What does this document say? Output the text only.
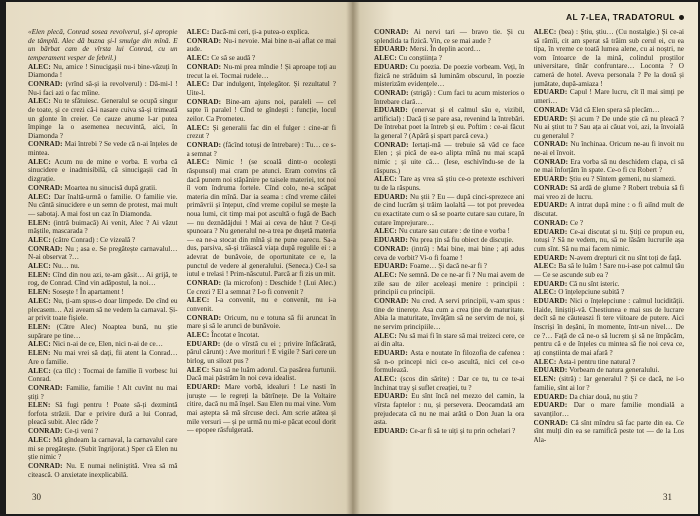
«Elen plecă, Conrad sosea revolverul, și-l apropie de tâmplă. Alec dă buzna și-l smulge din mînă. E un bărbat cam de vîrsta lui Conrad, cu un temperament vesper de febril.)

ALEC: Nu, amice ! Sinucigașii nu-i bine-văzuți în Diamonda !

CONRAD: (vrînd să-și ia revolverul) : Dă-mi-l ! Nu-i faci azi o fac mîine.

ALEC: Nu te sfătuiesc. Generalul se ocupă singur de toate, și ce crezi că-i nasare cuiva să-și trimeată un glonte în creier. Ce cauze anume l-ar putea împinge la o asemenea necuvintă, aici, în Diamonda ?

CONRAD: Mai întrebi ? Se vede că n-ai înțeles de mintea.

ALEC: Acum nu de mine e vorba. E vorba că sinucidere e inadmisibilă, că sinucigașii cad în dizgrație.

CONRAD: Moartea nu sinucisă după gratii.

ALEC: Dar înaltă-urmă o familie. O familie vie. Nu cântă sinucidere e un semn de protest, mai mult — sabotaj. A mai fost un caz în Diamonda.

ELEN: (intră buimacă) Ai venit, Alec ? Ai văzut măștile, mascarada ?

ALEC: (către Conrad) : Ce vizeală ?

CONRAD: Nu ; asa e. Se pregătește carnavalul… N-ai observat ?…

ALEC: Nu… nu.

ELEN: Cînd din nou azi, te-am găsit… Ai grijă, te rog, de Conrad. Cînd vin adăpostul, la noi…

ELEN: Sosește ! În apartament !

ALEC: Nu, ți-am spus-o doar limpede. De cînd eu plecasem… Azi aveam să ne vedem la carnaval. Și-ar privit toate fișiele.

ELEN: (Către Alec) Noaptea bună, nu știe supărare pe tine…

ALEC: Nici n-ai de ce, Elen, nici n-ai de ce…

ELEN: Nu mai vrei să dați, fii atent la Conrad… Are o familie.

ALEC: (ca tîlc) : Tocmai de familie îi vorbesc lui Conrad.

CONRAD: Familie, familie ! Alt cuvînt nu mai știți ?

ELEN: Să fugi pentru ! Poate să-ți dezmintă forfota străzii. Dar e privire dură a lui Conrad, pleacă subit. Alec râde ?

CONRAD: Ce-ți veni ?

ALEC: Mă gîndeam la carnaval, la carnavalul care mi se pregătește. (Subit îngrijorat.) Sper că Elen nu știe nimic ?

CONRAD: Nu. E numai neliniștită. Vrea să mă citească. O anxietate inexplicabilă.

ALEC: Dacă-mi ceri, ți-a putea-o explica.

CONRAD: Nu-i nevoie. Mai bine n-ai aflat ce mai aude.

ALEC: Ce să se audă ?

CONRAD: Nu-mi prea mîndie ! Și aproape toți au trecut la ei. Tocmai rudele…

ALEC: Dar indulgent, înțelegător. Și rezultatul ? Uite-l.

CONRAD: Bine-am ajuns noi, paraleli — cel sapte îi paralel ! Cînd te gîndești : funcție, locul zeilor. Ca Prometeu.

ALEC: Și generalii fac din el fulger : cine-ar fi crezut ?

CONRAD: (făcînd totuși de întrebare) : Tu… ce s-a semnat ?

ALEC: Nimic ! (se scoală dintr-o ocolești răspunsul) mai cram pe atunci. Eram convins că dacă punem noi stăpânire pe taisele materiei, tot noi îl vom îndruma fortele. Cînd colo, ne-a scăpat materia din mînă. Dar ia seama : cînd vreme căilei primăvrii și înțeput, cînd vreme copilul se mește la noua lumi, cit timp mai pot ascultă o fugă de Bach — nu deznădăjdui ! Mai ai ceva de hăut ? Ce-ți spunoara ? Nu generalul ne-a trea pe dușetă materia — ea ne-a stocat din mînă și ne pune oarecu. Sa-a dus, parsiva, să-și trăiască viața după regulile ei : a adevrat de bunăvoie, de oportunitate ce e, la punctul de vedere al generalului. (Seneca.) Ce-l sa iutul e trelasi ! Prim-născutul. Parcă ar fi zis un mit.

CONRAD: (la microfon) : Deschide ! (Lui Alec.) Ce crezi ? El a semnat ? I-o fi convenit ?

ALEC: I-a convenit, nu e convenit, nu i-a convenit.

CONRAD: Oricum, nu e totuna să fii aruncat în mare și să le arunci de bunăvoie.

ALEC: Încotat e încotat.

EDUARD: (de o vîrstă cu ei ; privire înfăcărată, părul cărunt) : Ave morituri ! E vigile ? Sari cere un birlog, un silozt pus ?

ALEC: Sau să ne luăm adorul. Ca pasărea furtunii. Dacă mai păstrăm în noi ceva idealist.

EDUARD: Mare vorbă, idealuri ! Le nasti în juruște — le regreți la bătrînețe. De la Voltaire citire, dacă nu mă înșel. Sau Elen nu mai vine. Vom mai aștepta să mă sîrcuse deci. Am scrie atâtea și mile versuri — și pe urmă nu mi-e păcat ecoul dorit — epopee răsfulgerată.

30
AL 7-LEA, TRADATORUL

CONRAD: Ai nervi tari — bravo tie. Și cu splendida ta fizică. Vin, ce se mai aude ?

EDUARD: Mersi. În deplin acord…

ALEC: Cu conștiința ?

EDUARD: Cu poezia. De poezie vorbeam. Veți, în fizică ne străduim să luminăm obscurul, în poezie misterizăm evidențele…

CONRAD: (strigă) : Cum faci tu acum misterios o întrebare clară…

EDUARD: (enervat și el calmul său e, vizibil, artificial) : Dacă ți se pare asa, revenind la întrebări. De întrebat poet la întreb și eu. Poftim : ce-ai făcut la general ? (Apără și spart parcă ceva.)

CONRAD: Iertați-mă — trebuie să văd ce face Elen ; și pică de ea-o alipta mînă nu mai scapă nimic ; și uite că… (Iese, eschivîndu-se de la răspuns.)

ALEC: Tare aș vrea să știu ce-o pretexte eschiveri tu de la răspuns.

EDUARD: Nu știi ? Eu — după cinci-sprezece ani de cind lucrăm și trăim laolaltă — tot pot prevedea cu exactitate cum o să se poarte cutare sau cutare, în cutare împrejurare…

ALEC: Nu cutare sau cutare : de tine e vorba !

EDUARD: Nu prea țin să fiu obiect de discuție.

CONRAD: (intră) : Mai bine, mai bine ; ați adus ceva de vorbit? Vi-o fi foame !

EDUARD: Foame… Și dacă ne-ar fi ?

ALEC: Ne semnă. De ce ne-ar fi ? Nu mai avem de zile sau de ziler aceleași menire : principii : principii cu principii.

CONRAD: Nu cred. A servi principii, v-am spus : tine de tinerețe. Asa cum a crea ține de maturitate. Abia la maturitate, învățăm să ne servim de noi, și ne servim principiile…

ALEC: Nu să mai fi în stare să mai treizeci cere, ce ai din alta.

EDUARD: Asta e noutate în filozofia de cafenea : să n-o princepi nici ce-o ascultă, nici cel ce-o formulează.

ALEC: (scos din sărite) : Dar ce tu, tu ce te-ai închinat tray și suflet creației, tu ?

EDUARD: Eu sînt încă nel mezzo del camin, la vîrsta faptelor : nu, și persevera. Deocamdată am prejudecata că nu ne mai arătă o Don Juan la ora asta.

EDUARD: Ce-ar fi să te uiți și tu prin ochelari ?

ALEC: (bea) : Știu, știu… (Cu nostalgie.) Și ce-ai să rămîi, cit am sperat să trăim sub cerul ei, cu ea tipa, în vreme ce toată lumea alene, cu ai noștri, ne vom întoarce de la mină, colindul proștilor universitare, tînăr confruntare… Loconta ? O camerá de hotel. Aveva personala ? Pe la două și jumătate, după-amiaza !

EDUARD: Capul ! Mare lucru, cît îl mai simți pe umeri…

CONRAD: Văd că Elen spera să plecăm…

EDUARD: Și acum ? De unde știe că nu pleacă ? Nu ai știut tu ? Sau ața ai căuat voi, azi, la învoială cu generalul ?

CONRAD: Nu închinaa. Oricum ne-au fi invoit nu ne-ai el învoit.

CONRAD: Era vorba să nu deschidem clapa, ci să ne mai înforțăm în spate. Ce-o fi cu Robert ?

EDUARD: Știu eu ? Sîntem gemeni, nu siamezi.

CONRAD: Să ardă de glume ? Robert trebuia să fi mai vreo zi de lucru.

EDUARD: A intrat după mine : o fi aiînd mult de discutat.

CONRAD: Ce ?

EDUARD: Ce-ai discutat și tu. Știți ce propun eu, totuși ? Să ne vedem, nu, să ne lăsăm lucrurile așa cum sînt. Să nu mai facem nimic.

EDUARD: N-avem drepturi cit nu sînt toți de față.

ALEC: Ba să le luăm ! Sare nu-i-ase pot calmul tău — Ce se ascunde sub ea ?

EDUARD: Că nu sînt isteric.

ALEC: O înțelepciune subită ?

EDUARD: Nici o înțelepciune : calmul lucidității. Haide, liniștiți-vă. Chestiunea e mai sus de lucrare decît să ne căuteaszi fi tere viitoare de putere. Aici înscriși în deșăni, în momente, într-un nivel… De ce ?… Față de că ne-o să lucrem și să ne împăcăm, pentru că e de înțeles cu mintea să fie noi ceva ce, ați conștiinta de mai afară ?

ALEC: Asta-i pentru tine natural ?

EDUARD: Vorbeam de natura generalului.

ELEN: (sitră) : Iar generalul ? Și ce dacă, ne i-o familie, sînt ai lor ?

EDUARD: Da chiar două, nu știu ?

EDUARD: Dar o mare familie mondială a savanților…

CONRAD: Că sînt mîndru să fac parte din ea. Ce sînt mulți din ea se ramifică peste tot — de la Los Ala-

31
